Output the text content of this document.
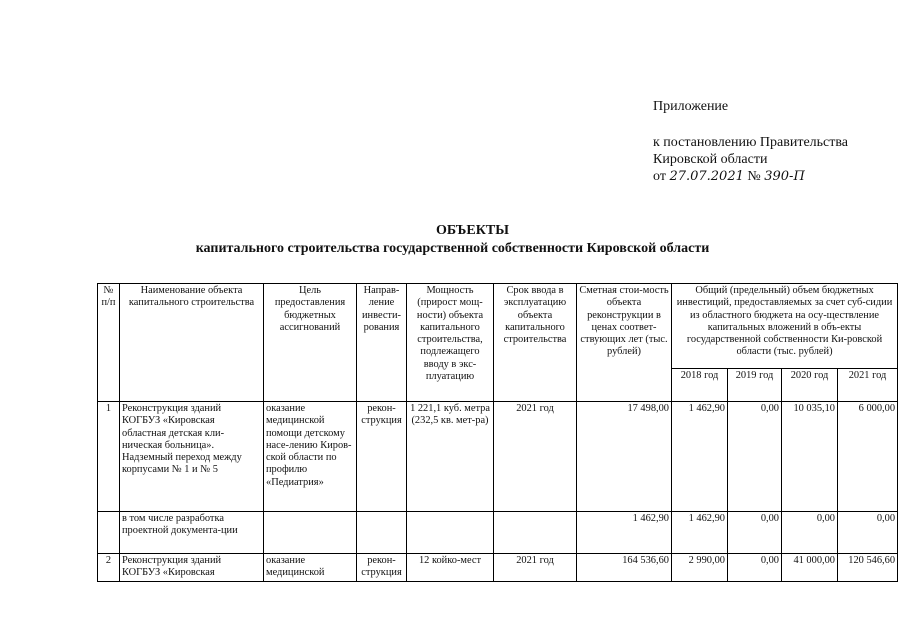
Приложение
к постановлению Правительства
Кировской области
от 27.07.2021 № 390-П
ОБЪЕКТЫ
капитального строительства государственной собственности Кировской области
№ п/п	Наименование объекта капитального строительства	Цель предоставления бюджетных ассигнований	Направ-ление инвести-рования	Мощность (прирост мощ-ности) объекта капитального строительства, подлежащего вводу в экс-плуатацию	Срок ввода в эксплуатацию объекта капитального строительства	Сметная стои-мость объекта реконструкции в ценах соответ-ствующих лет (тыс. рублей)	Общий (предельный) объем бюджетных инвестиций, предоставляемых за счет суб-сидии из областного бюджета на осу-ществление капитальных вложений в объ-екты государственной собственности Ки-ровской области (тыс. рублей)			
							2018 год	2019 год	2020 год	2021 год
1	Реконструкция зданий КОГБУЗ «Кировская областная детская кли-ническая больница». Надземный переход между корпусами № 1 и № 5	оказание медицинской помощи детскому насе-лению Киров-ской области по профилю «Педиатрия»	рекон-струкция	1 221,1 куб. метра (232,5 кв. мет-ра)	2021 год	17 498,00	1 462,90	0,00	10 035,10	6 000,00
	в том числе разработка проектной документа-ции					1 462,90	1 462,90	0,00	0,00	0,00
2	Реконструкция зданий КОГБУЗ «Кировская	оказание медицинской	рекон-струкция	12 койко-мест	2021 год	164 536,60	2 990,00	0,00	41 000,00	120 546,60
